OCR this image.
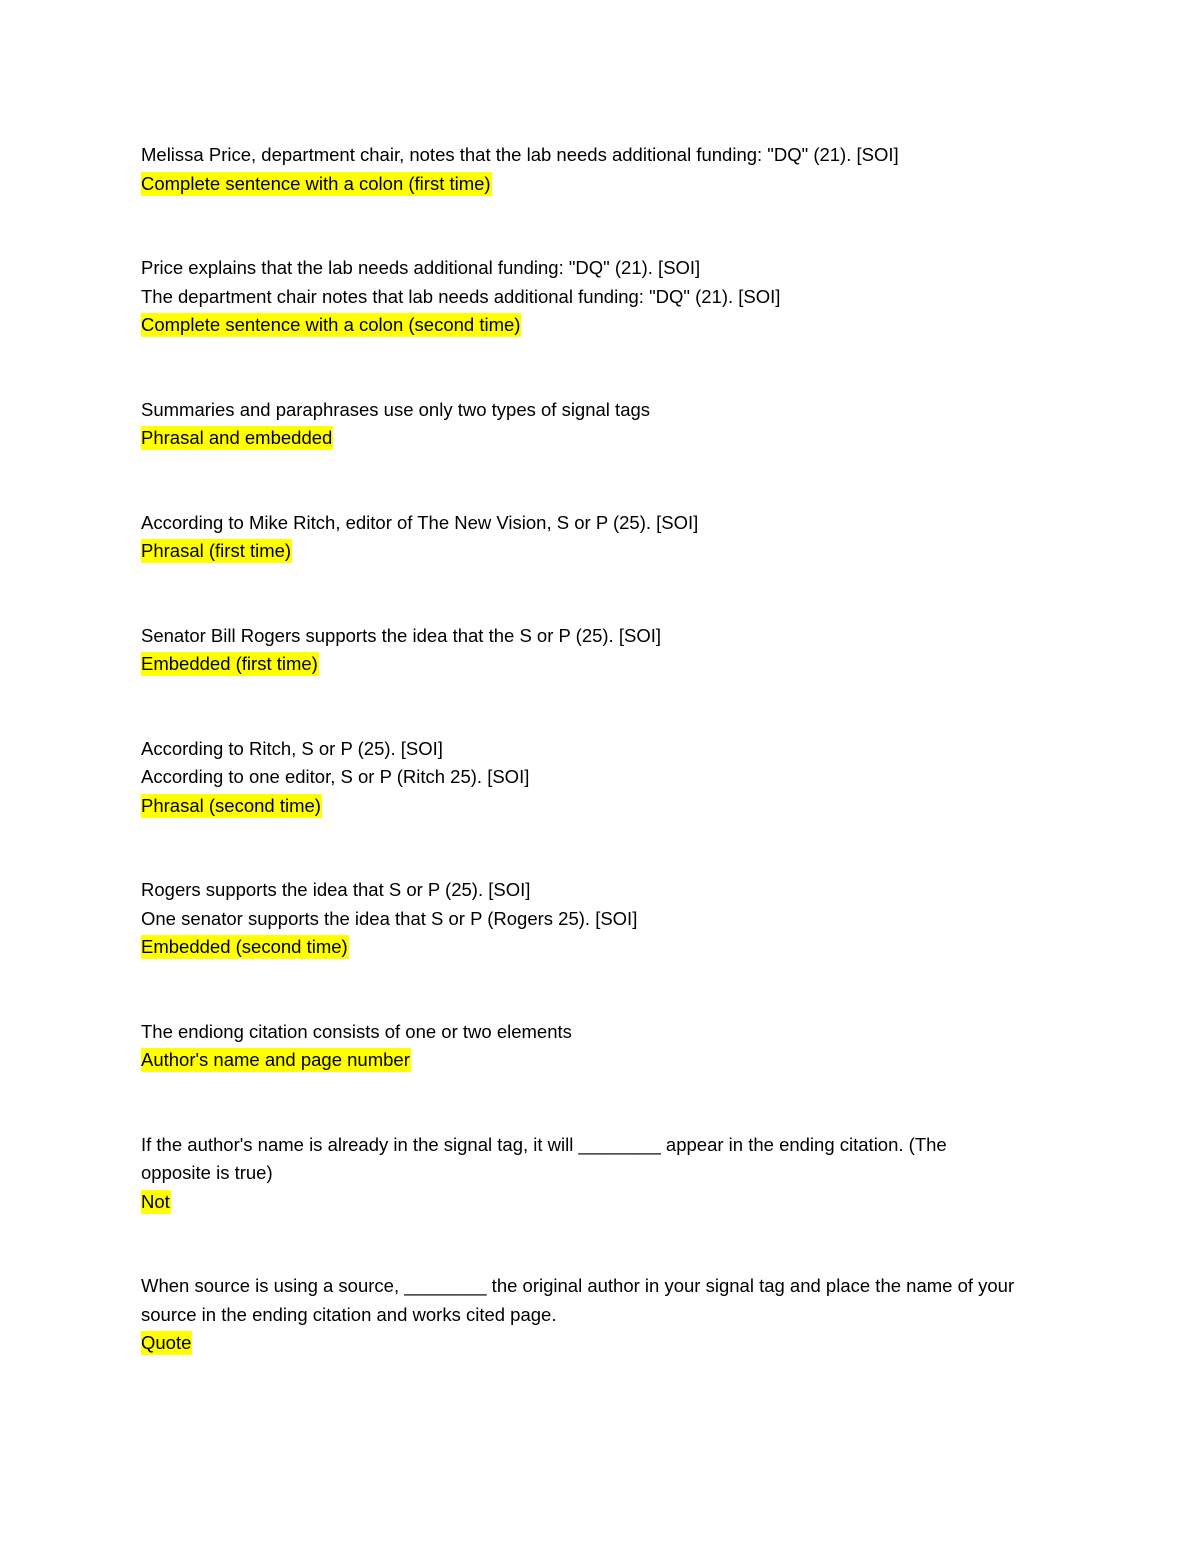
Melissa Price, department chair, notes that the lab needs additional funding: "DQ" (21). [SOI]

Complete sentence with a colon (first time)

Price explains that the lab needs additional funding: "DQ" (21). [SOI]

The department chair notes that lab needs additional funding: "DQ" (21). [SOI]

Complete sentence with a colon (second time)

Summaries and paraphrases use only two types of signal tags

Phrasal and embedded

According to Mike Ritch, editor of The New Vision, S or P (25). [SOI]

Phrasal (first time)

Senator Bill Rogers supports the idea that the S or P (25). [SOI]

Embedded (first time)

According to Ritch, S or P (25). [SOI]

According to one editor, S or P (Ritch 25). [SOI]

Phrasal (second time)

Rogers supports the idea that S or P (25). [SOI]

One senator supports the idea that S or P (Rogers 25). [SOI]

Embedded (second time)

The endiong citation consists of one or two elements

Author's name and page number

If the author's name is already in the signal tag, it will ________ appear in the ending citation. (The

opposite is true)

Not

When source is using a source, ________ the original author in your signal tag and place the name of your

source in the ending citation and works cited page.

Quote
